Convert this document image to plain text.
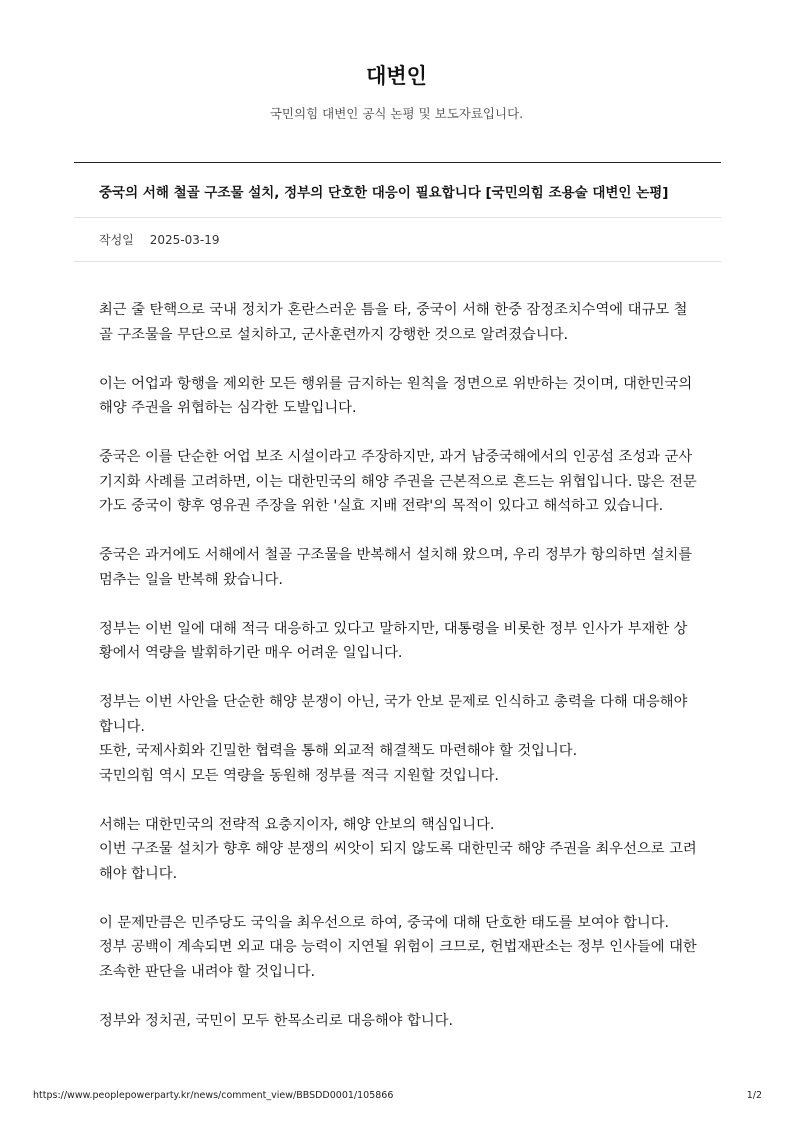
대변인
국민의힘 대변인 공식 논평 및 보도자료입니다.
중국의 서해 철골 구조물 설치, 정부의 단호한 대응이 필요합니다 [국민의힘 조용술 대변인 논평]
작성일 2025-03-19

최근 줄 탄핵으로 국내 정치가 혼란스러운 틈을 타, 중국이 서해 한중 잠정조치수역에 대규모 철골 구조물을 무단으로 설치하고, 군사훈련까지 강행한 것으로 알려졌습니다.

이는 어업과 항행을 제외한 모든 행위를 금지하는 원칙을 정면으로 위반하는 것이며, 대한민국의 해양 주권을 위협하는 심각한 도발입니다.

중국은 이를 단순한 어업 보조 시설이라고 주장하지만, 과거 남중국해에서의 인공섬 조성과 군사 기지화 사례를 고려하면, 이는 대한민국의 해양 주권을 근본적으로 흔드는 위협입니다. 많은 전문가도 중국이 향후 영유권 주장을 위한 '실효 지배 전략'의 목적이 있다고 해석하고 있습니다.

중국은 과거에도 서해에서 철골 구조물을 반복해서 설치해 왔으며, 우리 정부가 항의하면 설치를 멈추는 일을 반복해 왔습니다.

정부는 이번 일에 대해 적극 대응하고 있다고 말하지만, 대통령을 비롯한 정부 인사가 부재한 상황에서 역량을 발휘하기란 매우 어려운 일입니다.

정부는 이번 사안을 단순한 해양 분쟁이 아닌, 국가 안보 문제로 인식하고 총력을 다해 대응해야 합니다.
또한, 국제사회와 긴밀한 협력을 통해 외교적 해결책도 마련해야 할 것입니다.
국민의힘 역시 모든 역량을 동원해 정부를 적극 지원할 것입니다.

서해는 대한민국의 전략적 요충지이자, 해양 안보의 핵심입니다.
이번 구조물 설치가 향후 해양 분쟁의 씨앗이 되지 않도록 대한민국 해양 주권을 최우선으로 고려해야 합니다.

이 문제만큼은 민주당도 국익을 최우선으로 하여, 중국에 대해 단호한 태도를 보여야 합니다.
정부 공백이 계속되면 외교 대응 능력이 지연될 위험이 크므로, 헌법재판소는 정부 인사들에 대한 조속한 판단을 내려야 할 것입니다.

정부와 정치권, 국민이 모두 한목소리로 대응해야 합니다.

https://www.peoplepowerparty.kr/news/comment_view/BBSDD0001/105866	1/2
